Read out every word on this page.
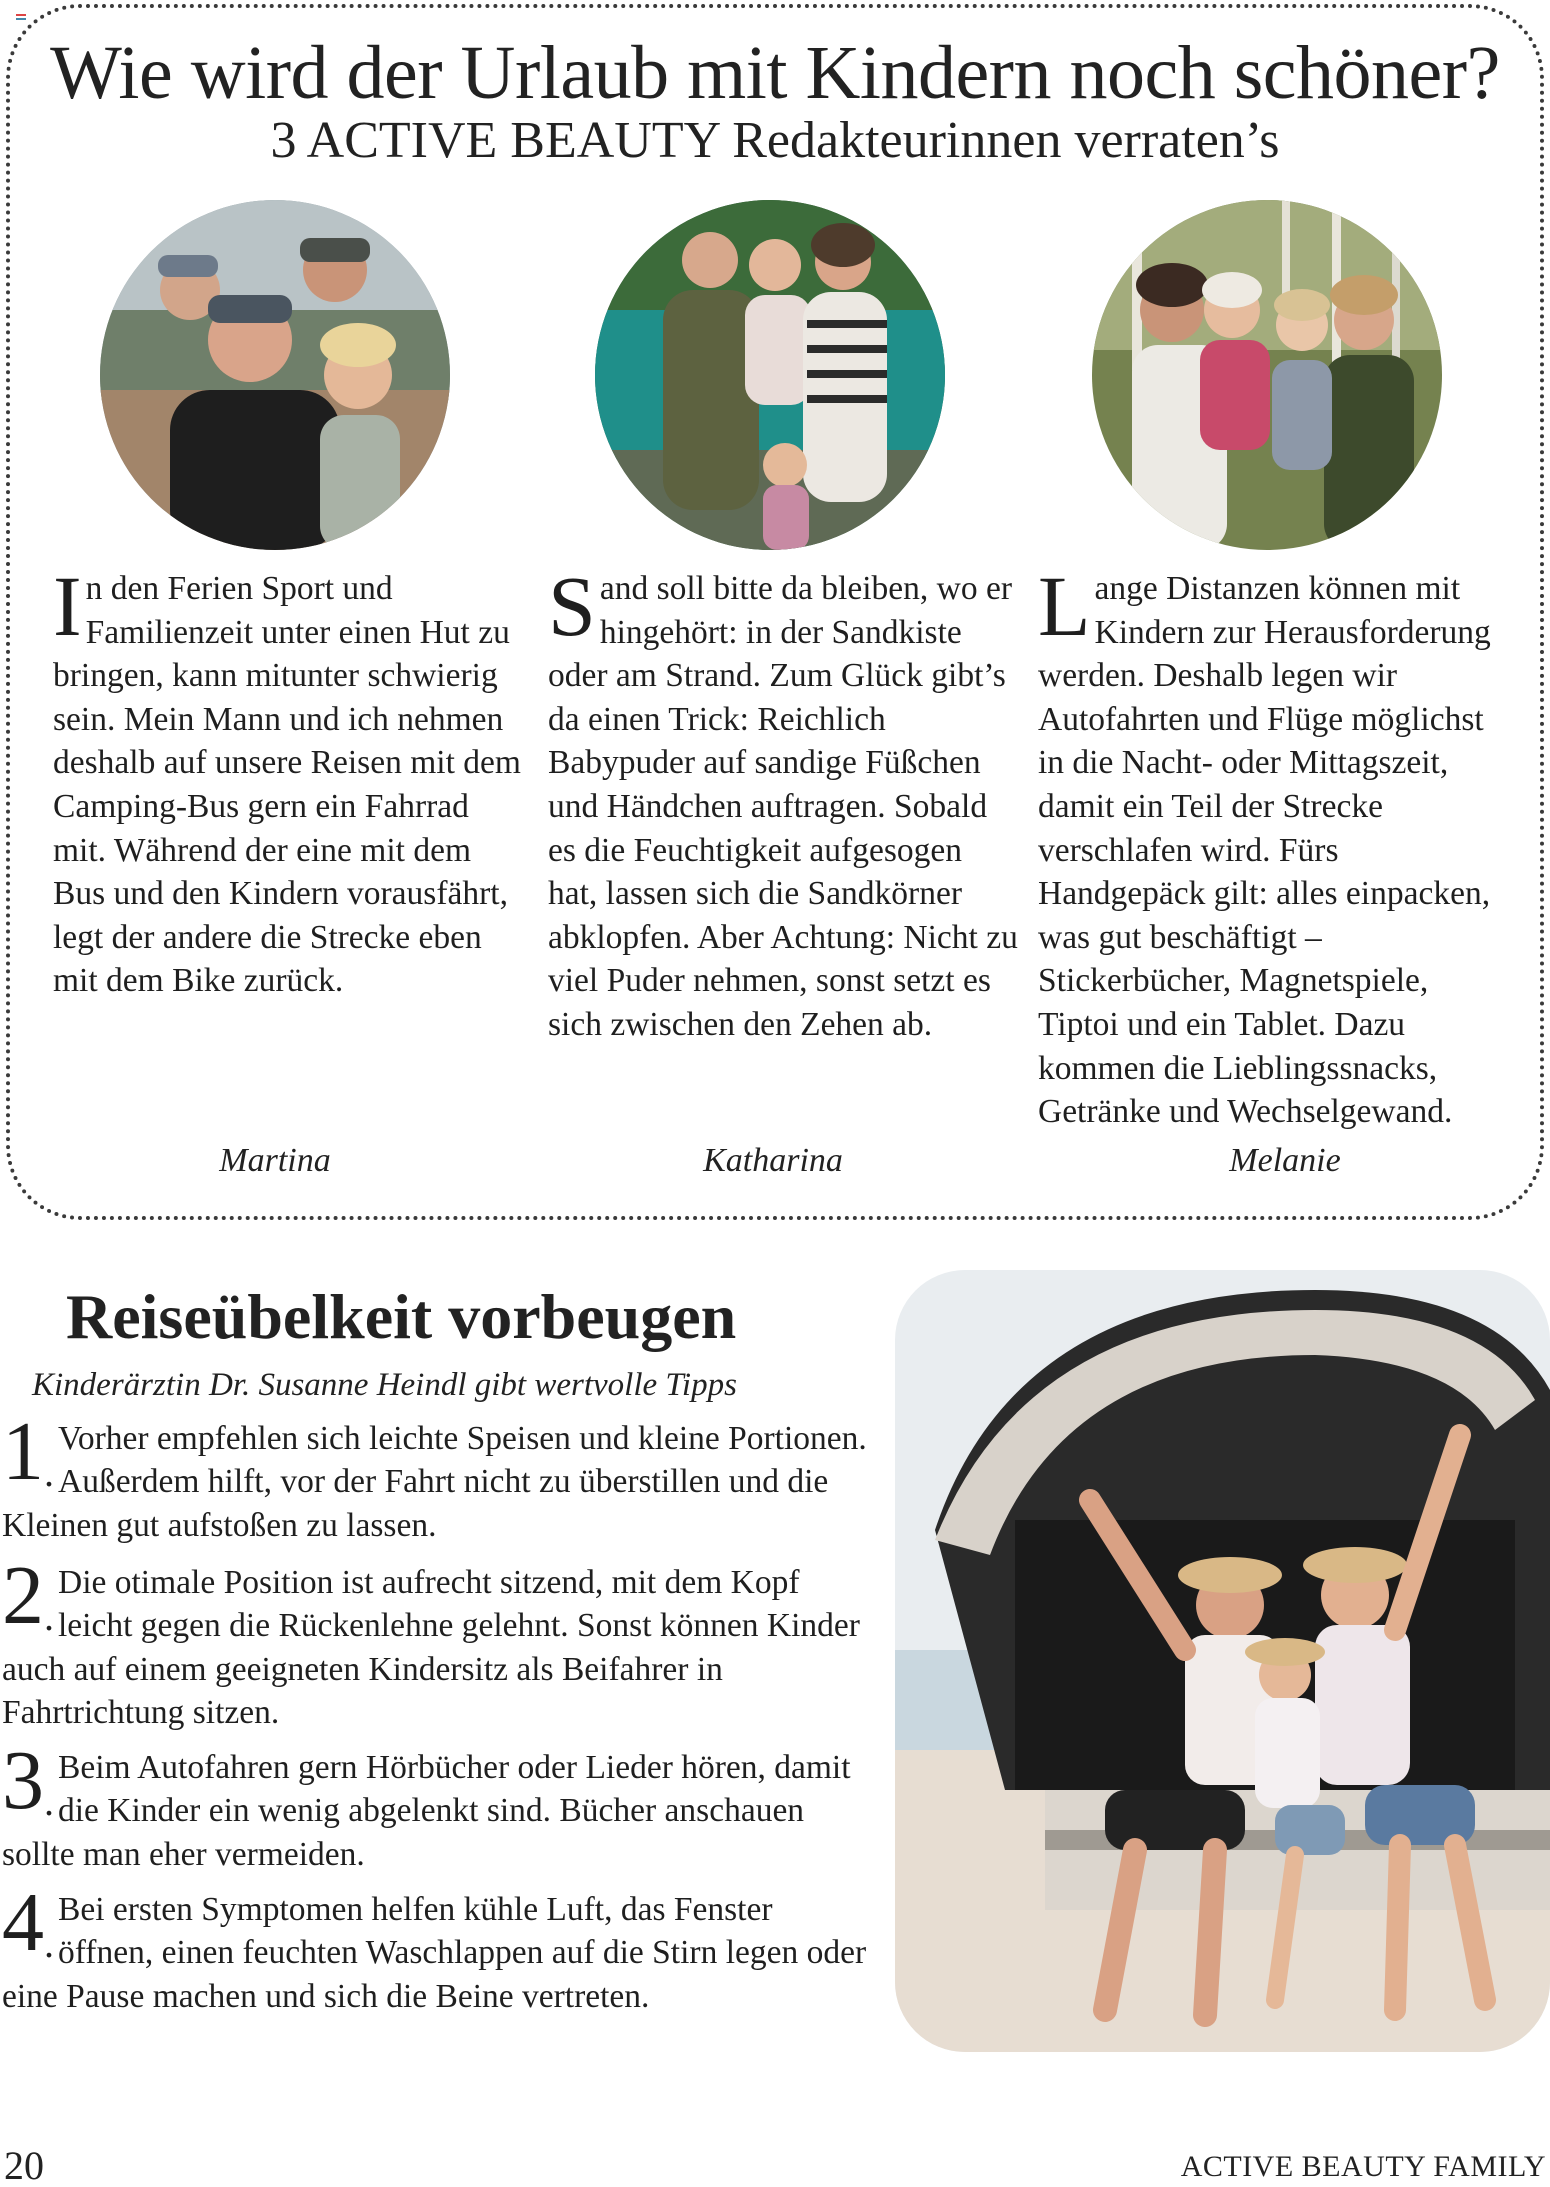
Wie wird der Urlaub mit Kindern noch schöner?
3 ACTIVE BEAUTY Redakteurinnen verraten’s
I n den Ferien Sport und Familienzeit unter einen Hut zu bringen, kann mitunter schwierig sein. Mein Mann und ich nehmen deshalb auf unsere Reisen mit dem Camping-Bus gern ein Fahrrad mit. Während der eine mit dem Bus und den Kindern vorausfährt, legt der andere die Strecke eben mit dem Bike zurück.

S and soll bitte da bleiben, wo er hingehört: in der Sandkiste oder am Strand. Zum Glück gibt’s da einen Trick: Reichlich Babypuder auf sandige Füßchen und Händchen auftragen. Sobald es die Feuchtigkeit aufgesogen hat, lassen sich die Sandkörner abklopfen. Aber Achtung: Nicht zu viel Puder nehmen, sonst setzt es sich zwischen den Zehen ab.

L ange Distanzen können mit Kindern zur Herausforderung werden. Deshalb legen wir Autofahrten und Flüge möglichst in die Nacht- oder Mittagszeit, damit ein Teil der Strecke verschlafen wird. Fürs Handgepäck gilt: alles einpacken, was gut beschäftigt – Stickerbücher, Magnetspiele, Tiptoi und ein Tablet. Dazu kommen die Lieblingssnacks, Getränke und Wechselgewand.

Martina	Katharina	Melanie
Reiseübelkeit vorbeugen
Kinderärztin Dr. Susanne Heindl gibt wertvolle Tipps
1 .
Vorher empfehlen sich leichte Speisen und kleine Portionen. Außerdem hilft, vor der Fahrt nicht zu überstillen und die Kleinen gut aufstoßen zu lassen.
2 .
Die otimale Position ist aufrecht sitzend, mit dem Kopf leicht gegen die Rückenlehne gelehnt. Sonst können Kinder auch auf einem geeigneten Kindersitz als Beifahrer in Fahrtrichtung sitzen.
3 .
Beim Autofahren gern Hörbücher oder Lieder hören, damit die Kinder ein wenig abgelenkt sind. Bücher anschauen sollte man eher vermeiden.
4 .
Bei ersten Symptomen helfen kühle Luft, das Fenster öffnen, einen feuchten Waschlappen auf die Stirn legen oder eine Pause machen und sich die Beine vertreten.
20	ACTIVE BEAUTY FAMILY
